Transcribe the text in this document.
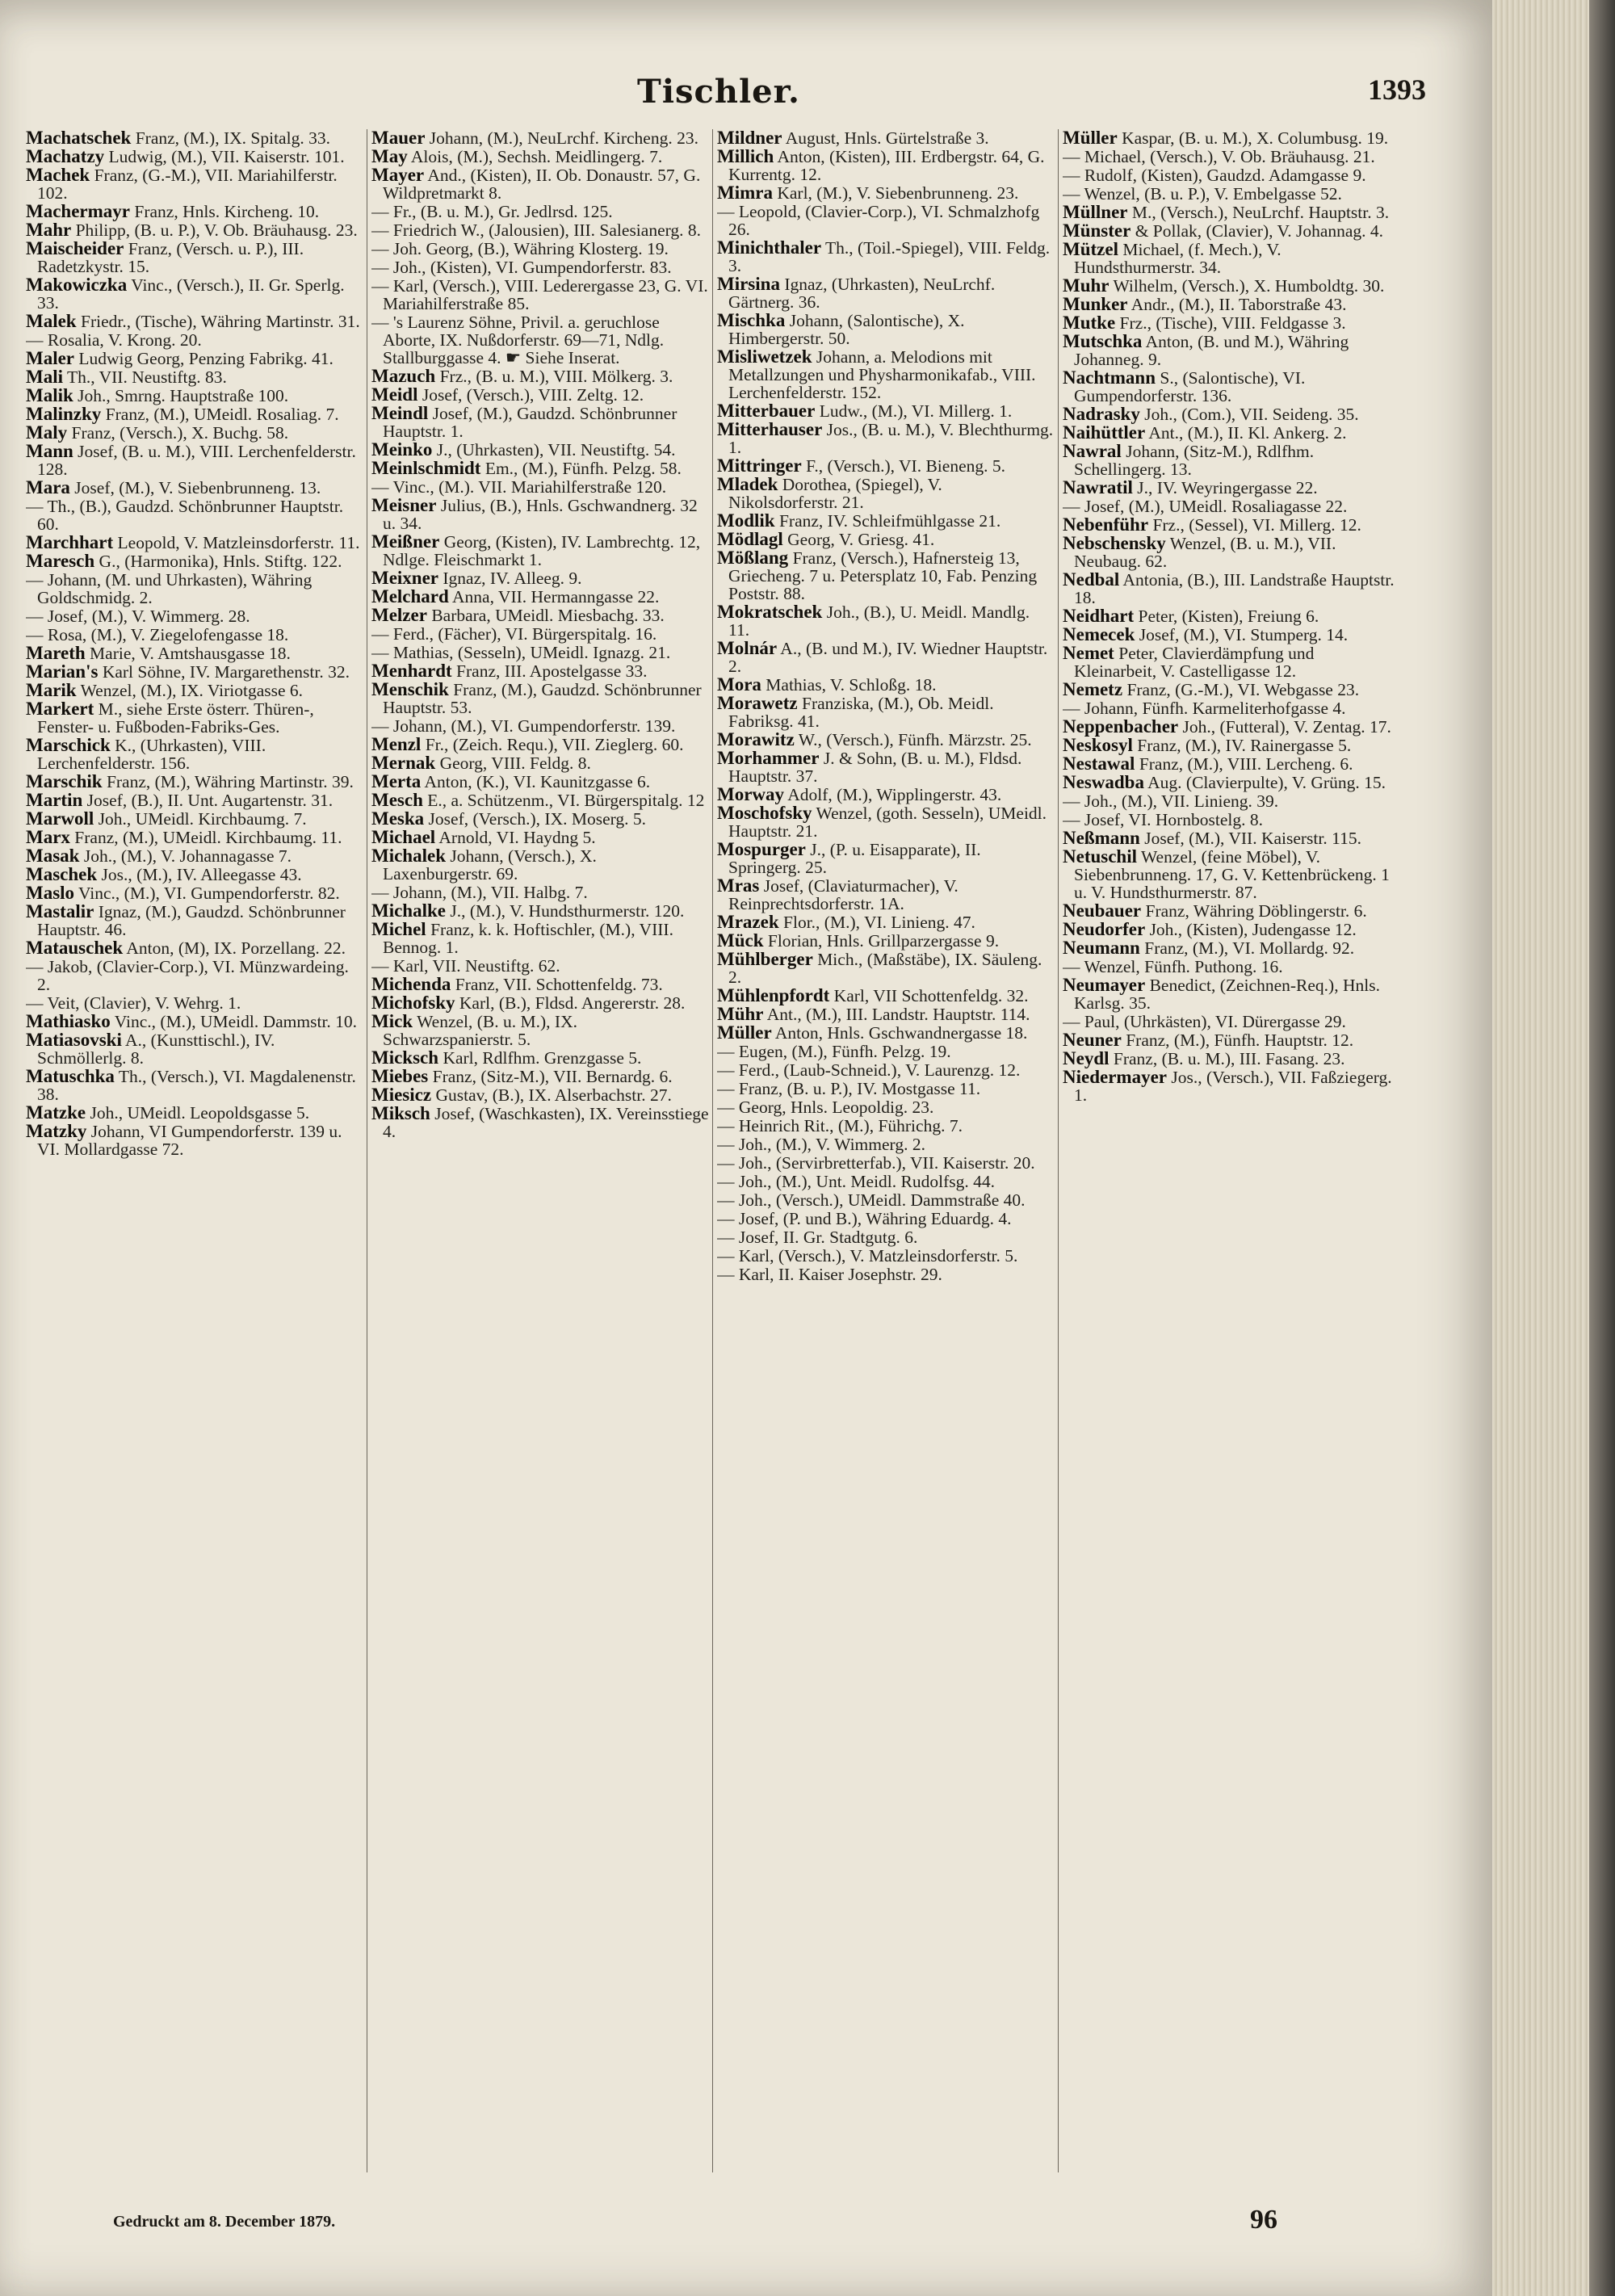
Tischler.	1393
Machatschek Franz, (M.), IX. Spitalg. 33.
Machatzy Ludwig, (M.), VII. Kaiserstr. 101.
Machek Franz, (G.-M.), VII. Mariahilferstr. 102.
Machermayr Franz, Hnls. Kircheng. 10.
Mahr Philipp, (B. u. P.), V. Ob. Bräuhausg. 23.
Maischeider Franz, (Versch. u. P.), III. Radetzkystr. 15.
Makowiczka Vinc., (Versch.), II. Gr. Sperlg. 33.
Malek Friedr., (Tische), Währing Martinstr. 31.
— Rosalia, V. Krong. 20.
Maler Ludwig Georg, Penzing Fabrikg. 41.
Mali Th., VII. Neustiftg. 83.
Malik Joh., Smrng. Hauptstraße 100.
Malinzky Franz, (M.), UMeidl. Rosaliag. 7.
Maly Franz, (Versch.), X. Buchg. 58.
Mann Josef, (B. u. M.), VIII. Lerchenfelderstr. 128.
Mara Josef, (M.), V. Siebenbrunneng. 13.
— Th., (B.), Gaudzd. Schönbrunner Hauptstr. 60.
Marchhart Leopold, V. Matzleinsdorferstr. 11.
Maresch G., (Harmonika), Hnls. Stiftg. 122.
— Johann, (M. und Uhrkasten), Währing Goldschmidg. 2.
— Josef, (M.), V. Wimmerg. 28.
— Rosa, (M.), V. Ziegelofengasse 18.
Mareth Marie, V. Amtshausgasse 18.
Marian's Karl Söhne, IV. Margarethenstr. 32.
Marik Wenzel, (M.), IX. Viriotgasse 6.
Markert M., siehe Erste österr. Thüren-, Fenster- u. Fußboden-Fabriks-Ges.
Marschick K., (Uhrkasten), VIII. Lerchenfelderstr. 156.
Marschik Franz, (M.), Währing Martinstr. 39.
Martin Josef, (B.), II. Unt. Augartenstr. 31.
Marwoll Joh., UMeidl. Kirchbaumg. 7.
Marx Franz, (M.), UMeidl. Kirchbaumg. 11.
Masak Joh., (M.), V. Johannagasse 7.
Maschek Jos., (M.), IV. Alleegasse 43.
Maslo Vinc., (M.), VI. Gumpendorferstr. 82.
Mastalir Ignaz, (M.), Gaudzd. Schönbrunner Hauptstr. 46.
Matauschek Anton, (M), IX. Porzellang. 22.
— Jakob, (Clavier-Corp.), VI. Münzwardeing. 2.
— Veit, (Clavier), V. Wehrg. 1.
Mathiasko Vinc., (M.), UMeidl. Dammstr. 10.
Matiasovski A., (Kunsttischl.), IV. Schmöllerlg. 8.
Matuschka Th., (Versch.), VI. Magdalenenstr. 38.
Matzke Joh., UMeidl. Leopoldsgasse 5.
Matzky Johann, VI Gumpendorferstr. 139 u. VI. Mollardgasse 72.
Mauer Johann, (M.), NeuLrchf. Kircheng. 23.
May Alois, (M.), Sechsh. Meidlingerg. 7.
Mayer And., (Kisten), II. Ob. Donaustr. 57, G. Wildpretmarkt 8.
— Fr., (B. u. M.), Gr. Jedlrsd. 125.
— Friedrich W., (Jalousien), III. Salesianerg. 8.
— Joh. Georg, (B.), Währing Klosterg. 19.
— Joh., (Kisten), VI. Gumpendorferstr. 83.
— Karl, (Versch.), VIII. Lederergasse 23, G. VI. Mariahilferstraße 85.
— 's Laurenz Söhne, Privil. a. geruchlose Aborte, IX. Nußdorferstr. 69—71, Ndlg. Stallburggasse 4. ☛ Siehe Inserat.
Mazuch Frz., (B. u. M.), VIII. Mölkerg. 3.
Meidl Josef, (Versch.), VIII. Zeltg. 12.
Meindl Josef, (M.), Gaudzd. Schönbrunner Hauptstr. 1.
Meinko J., (Uhrkasten), VII. Neustiftg. 54.
Meinlschmidt Em., (M.), Fünfh. Pelzg. 58.
— Vinc., (M.). VII. Mariahilferstraße 120.
Meisner Julius, (B.), Hnls. Gschwandnerg. 32 u. 34.
Meißner Georg, (Kisten), IV. Lambrechtg. 12, Ndlge. Fleischmarkt 1.
Meixner Ignaz, IV. Alleeg. 9.
Melchard Anna, VII. Hermanngasse 22.
Melzer Barbara, UMeidl. Miesbachg. 33.
— Ferd., (Fächer), VI. Bürgerspitalg. 16.
— Mathias, (Sesseln), UMeidl. Ignazg. 21.
Menhardt Franz, III. Apostelgasse 33.
Menschik Franz, (M.), Gaudzd. Schönbrunner Hauptstr. 53.
— Johann, (M.), VI. Gumpendorferstr. 139.
Menzl Fr., (Zeich. Requ.), VII. Zieglerg. 60.
Mernak Georg, VIII. Feldg. 8.
Merta Anton, (K.), VI. Kaunitzgasse 6.
Mesch E., a. Schützenm., VI. Bürgerspitalg. 12
Meska Josef, (Versch.), IX. Moserg. 5.
Michael Arnold, VI. Haydng 5.
Michalek Johann, (Versch.), X. Laxenburgerstr. 69.
— Johann, (M.), VII. Halbg. 7.
Michalke J., (M.), V. Hundsthurmerstr. 120.
Michel Franz, k. k. Hoftischler, (M.), VIII. Bennog. 1.
— Karl, VII. Neustiftg. 62.
Michenda Franz, VII. Schottenfeldg. 73.
Michofsky Karl, (B.), Fldsd. Angererstr. 28.
Mick Wenzel, (B. u. M.), IX. Schwarzspanierstr. 5.
Micksch Karl, Rdlfhm. Grenzgasse 5.
Miebes Franz, (Sitz-M.), VII. Bernardg. 6.
Miesicz Gustav, (B.), IX. Alserbachstr. 27.
Miksch Josef, (Waschkasten), IX. Vereinsstiege 4.
Mildner August, Hnls. Gürtelstraße 3.
Millich Anton, (Kisten), III. Erdbergstr. 64, G. Kurrentg. 12.
Mimra Karl, (M.), V. Siebenbrunneng. 23.
— Leopold, (Clavier-Corp.), VI. Schmalzhofg 26.
Minichthaler Th., (Toil.-Spiegel), VIII. Feldg. 3.
Mirsina Ignaz, (Uhrkasten), NeuLrchf. Gärtnerg. 36.
Mischka Johann, (Salontische), X. Himbergerstr. 50.
Misliwetzek Johann, a. Melodions mit Metallzungen und Physharmonikafab., VIII. Lerchenfelderstr. 152.
Mitterbauer Ludw., (M.), VI. Millerg. 1.
Mitterhauser Jos., (B. u. M.), V. Blechthurmg. 1.
Mittringer F., (Versch.), VI. Bieneng. 5.
Mladek Dorothea, (Spiegel), V. Nikolsdorferstr. 21.
Modlik Franz, IV. Schleifmühlgasse 21.
Mödlagl Georg, V. Griesg. 41.
Mößlang Franz, (Versch.), Hafnersteig 13, Griecheng. 7 u. Petersplatz 10, Fab. Penzing Poststr. 88.
Mokratschek Joh., (B.), U. Meidl. Mandlg. 11.
Molnár A., (B. und M.), IV. Wiedner Hauptstr. 2.
Mora Mathias, V. Schloßg. 18.
Morawetz Franziska, (M.), Ob. Meidl. Fabriksg. 41.
Morawitz W., (Versch.), Fünfh. Märzstr. 25.
Morhammer J. & Sohn, (B. u. M.), Fldsd. Hauptstr. 37.
Morway Adolf, (M.), Wipplingerstr. 43.
Moschofsky Wenzel, (goth. Sesseln), UMeidl. Hauptstr. 21.
Mospurger J., (P. u. Eisapparate), II. Springerg. 25.
Mras Josef, (Claviaturmacher), V. Reinprechtsdorferstr. 1A.
Mrazek Flor., (M.), VI. Linieng. 47.
Mück Florian, Hnls. Grillparzergasse 9.
Mühlberger Mich., (Maßstäbe), IX. Säuleng. 2.
Mühlenpfordt Karl, VII Schottenfeldg. 32.
Mühr Ant., (M.), III. Landstr. Hauptstr. 114.
Müller Anton, Hnls. Gschwandnergasse 18.
— Eugen, (M.), Fünfh. Pelzg. 19.
— Ferd., (Laub-Schneid.), V. Laurenzg. 12.
— Franz, (B. u. P.), IV. Mostgasse 11.
— Georg, Hnls. Leopoldig. 23.
— Heinrich Rit., (M.), Führichg. 7.
— Joh., (M.), V. Wimmerg. 2.
— Joh., (Servirbretterfab.), VII. Kaiserstr. 20.
— Joh., (M.), Unt. Meidl. Rudolfsg. 44.
— Joh., (Versch.), UMeidl. Dammstraße 40.
— Josef, (P. und B.), Währing Eduardg. 4.
— Josef, II. Gr. Stadtgutg. 6.
— Karl, (Versch.), V. Matzleinsdorferstr. 5.
— Karl, II. Kaiser Josephstr. 29.
Müller Kaspar, (B. u. M.), X. Columbusg. 19.
— Michael, (Versch.), V. Ob. Bräuhausg. 21.
— Rudolf, (Kisten), Gaudzd. Adamgasse 9.
— Wenzel, (B. u. P.), V. Embelgasse 52.
Müllner M., (Versch.), NeuLrchf. Hauptstr. 3.
Münster & Pollak, (Clavier), V. Johannag. 4.
Mützel Michael, (f. Mech.), V. Hundsthurmerstr. 34.
Muhr Wilhelm, (Versch.), X. Humboldtg. 30.
Munker Andr., (M.), II. Taborstraße 43.
Mutke Frz., (Tische), VIII. Feldgasse 3.
Mutschka Anton, (B. und M.), Währing Johanneg. 9.
Nachtmann S., (Salontische), VI. Gumpendorferstr. 136.
Nadrasky Joh., (Com.), VII. Seideng. 35.
Naihüttler Ant., (M.), II. Kl. Ankerg. 2.
Nawral Johann, (Sitz-M.), Rdlfhm. Schellingerg. 13.
Nawratil J., IV. Weyringergasse 22.
— Josef, (M.), UMeidl. Rosaliagasse 22.
Nebenführ Frz., (Sessel), VI. Millerg. 12.
Nebschensky Wenzel, (B. u. M.), VII. Neubaug. 62.
Nedbal Antonia, (B.), III. Landstraße Hauptstr. 18.
Neidhart Peter, (Kisten), Freiung 6.
Nemecek Josef, (M.), VI. Stumperg. 14.
Nemet Peter, Clavierdämpfung und Kleinarbeit, V. Castelligasse 12.
Nemetz Franz, (G.-M.), VI. Webgasse 23.
— Johann, Fünfh. Karmeliterhofgasse 4.
Neppenbacher Joh., (Futteral), V. Zentag. 17.
Neskosyl Franz, (M.), IV. Rainergasse 5.
Nestawal Franz, (M.), VIII. Lercheng. 6.
Neswadba Aug. (Clavierpulte), V. Grüng. 15.
— Joh., (M.), VII. Linieng. 39.
— Josef, VI. Hornbostelg. 8.
Neßmann Josef, (M.), VII. Kaiserstr. 115.
Netuschil Wenzel, (feine Möbel), V. Siebenbrunneng. 17, G. V. Kettenbrückeng. 1 u. V. Hundsthurmerstr. 87.
Neubauer Franz, Währing Döblingerstr. 6.
Neudorfer Joh., (Kisten), Judengasse 12.
Neumann Franz, (M.), VI. Mollardg. 92.
— Wenzel, Fünfh. Puthong. 16.
Neumayer Benedict, (Zeichnen-Req.), Hnls. Karlsg. 35.
— Paul, (Uhrkästen), VI. Dürergasse 29.
Neuner Franz, (M.), Fünfh. Hauptstr. 12.
Neydl Franz, (B. u. M.), III. Fasang. 23.
Niedermayer Jos., (Versch.), VII. Faßziegerg. 1.
Gedruckt am 8. December 1879.	96
